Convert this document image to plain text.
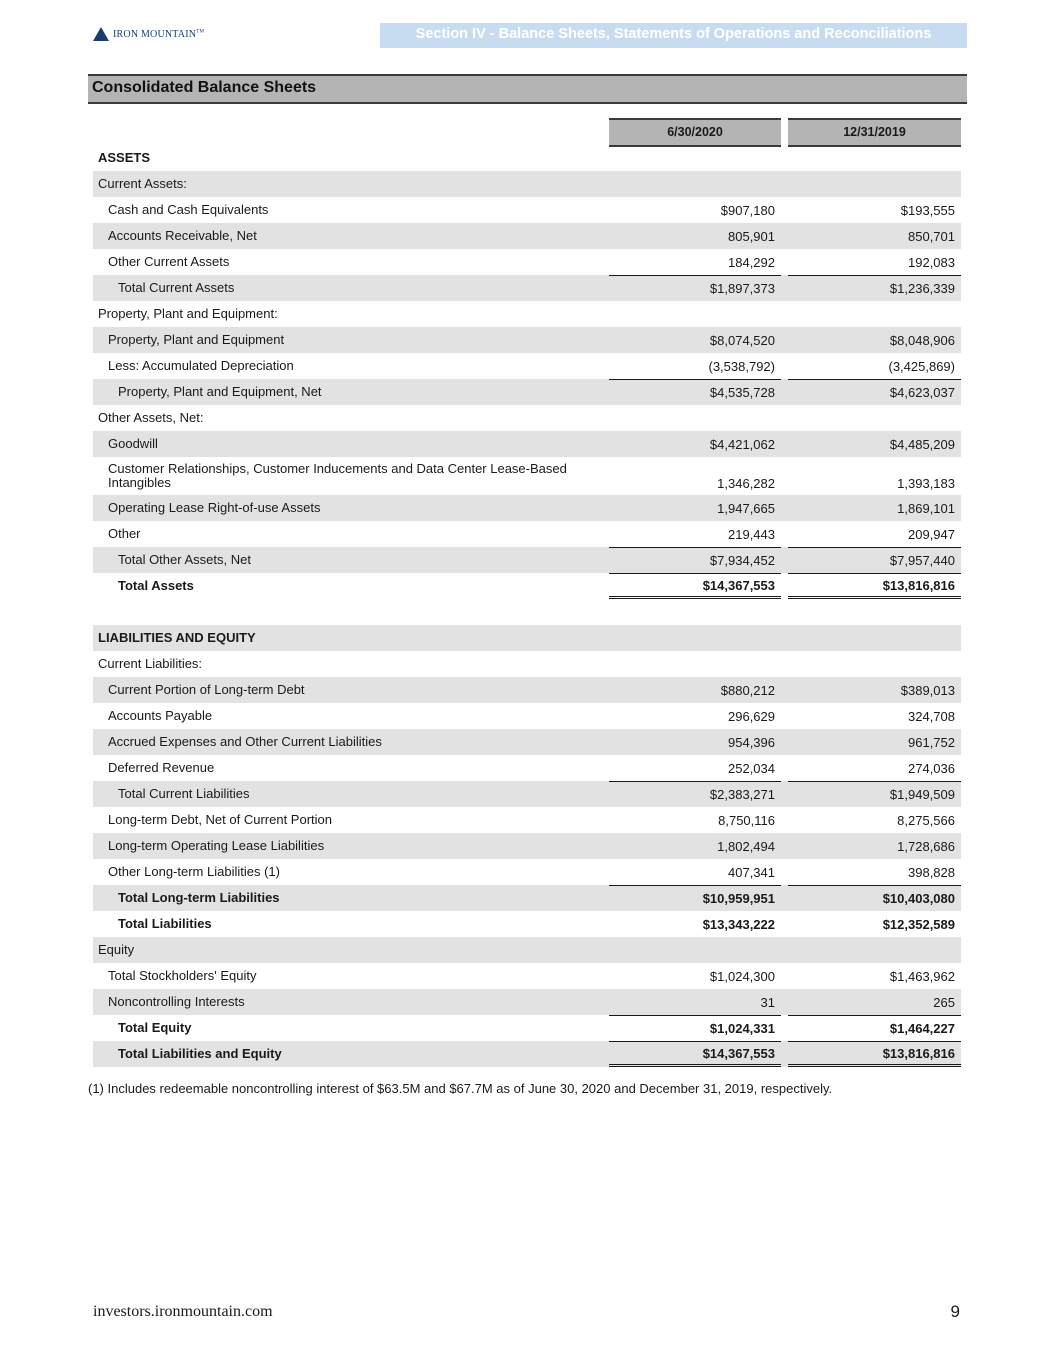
IRON MOUNTAIN™	Section IV - Balance Sheets, Statements of Operations and Reconciliations
Consolidated Balance Sheets
6/30/2020	12/31/2019
ASSETS
Current Assets:
Cash and Cash Equivalents	$907,180	$193,555
Accounts Receivable, Net	805,901	850,701
Other Current Assets	184,292	192,083
Total Current Assets	$1,897,373	$1,236,339
Property, Plant and Equipment:
Property, Plant and Equipment	$8,074,520	$8,048,906
Less: Accumulated Depreciation	(3,538,792)	(3,425,869)
Property, Plant and Equipment, Net	$4,535,728	$4,623,037
Other Assets, Net:
Goodwill	$4,421,062	$4,485,209
Customer Relationships, Customer Inducements and Data Center Lease-Based Intangibles	1,346,282	1,393,183
Operating Lease Right-of-use Assets	1,947,665	1,869,101
Other	219,443	209,947
Total Other Assets, Net	$7,934,452	$7,957,440
Total Assets	$14,367,553	$13,816,816
LIABILITIES AND EQUITY
Current Liabilities:
Current Portion of Long-term Debt	$880,212	$389,013
Accounts Payable	296,629	324,708
Accrued Expenses and Other Current Liabilities	954,396	961,752
Deferred Revenue	252,034	274,036
Total Current Liabilities	$2,383,271	$1,949,509
Long-term Debt, Net of Current Portion	8,750,116	8,275,566
Long-term Operating Lease Liabilities	1,802,494	1,728,686
Other Long-term Liabilities (1)	407,341	398,828
Total Long-term Liabilities	$10,959,951	$10,403,080
Total Liabilities	$13,343,222	$12,352,589
Equity
Total Stockholders' Equity	$1,024,300	$1,463,962
Noncontrolling Interests	31	265
Total Equity	$1,024,331	$1,464,227
Total Liabilities and Equity	$14,367,553	$13,816,816
(1) Includes redeemable noncontrolling interest of $63.5M and $67.7M as of June 30, 2020 and December 31, 2019, respectively.
investors.ironmountain.com	9
